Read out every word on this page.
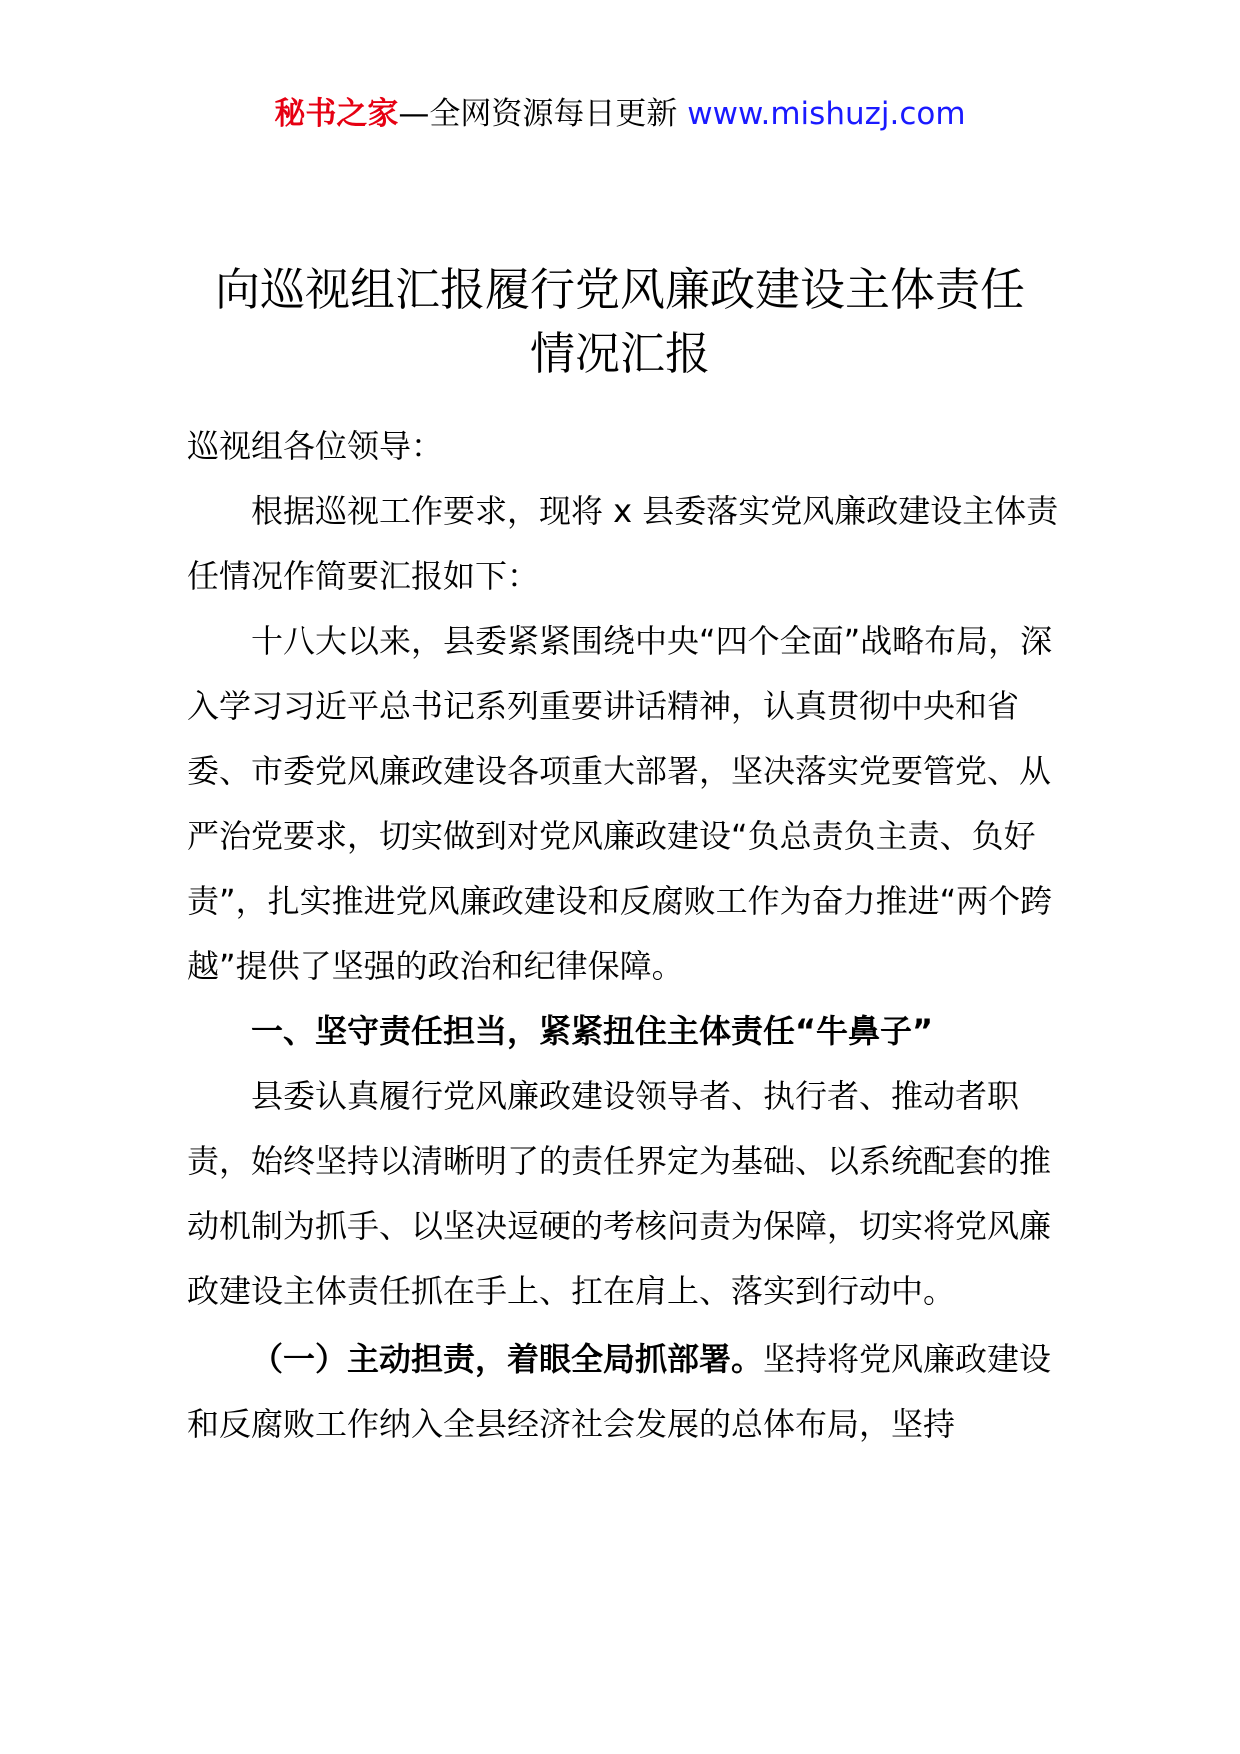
秘书之家—全网资源每日更新 www.mishuzj.com
向巡视组汇报履行党风廉政建设主体责任
情况汇报

巡视组各位领导：

根据巡视工作要求，现将 x 县委落实党风廉政建设主体责任情况作简要汇报如下：

十八大以来，县委紧紧围绕中央“四个全面”战略布局，深入学习习近平总书记系列重要讲话精神，认真贯彻中央和省委、市委党风廉政建设各项重大部署，坚决落实党要管党、从严治党要求，切实做到对党风廉政建设“负总责负主责、负好责”，扎实推进党风廉政建设和反腐败工作为奋力推进“两个跨越”提供了坚强的政治和纪律保障。

一、坚守责任担当，紧紧扭住主体责任“牛鼻子”

县委认真履行党风廉政建设领导者、执行者、推动者职责，始终坚持以清晰明了的责任界定为基础、以系统配套的推动机制为抓手、以坚决逗硬的考核问责为保障，切实将党风廉政建设主体责任抓在手上、扛在肩上、落实到行动中。

（一）主动担责，着眼全局抓部署。坚持将党风廉政建设和反腐败工作纳入全县经济社会发展的总体布局，坚持
